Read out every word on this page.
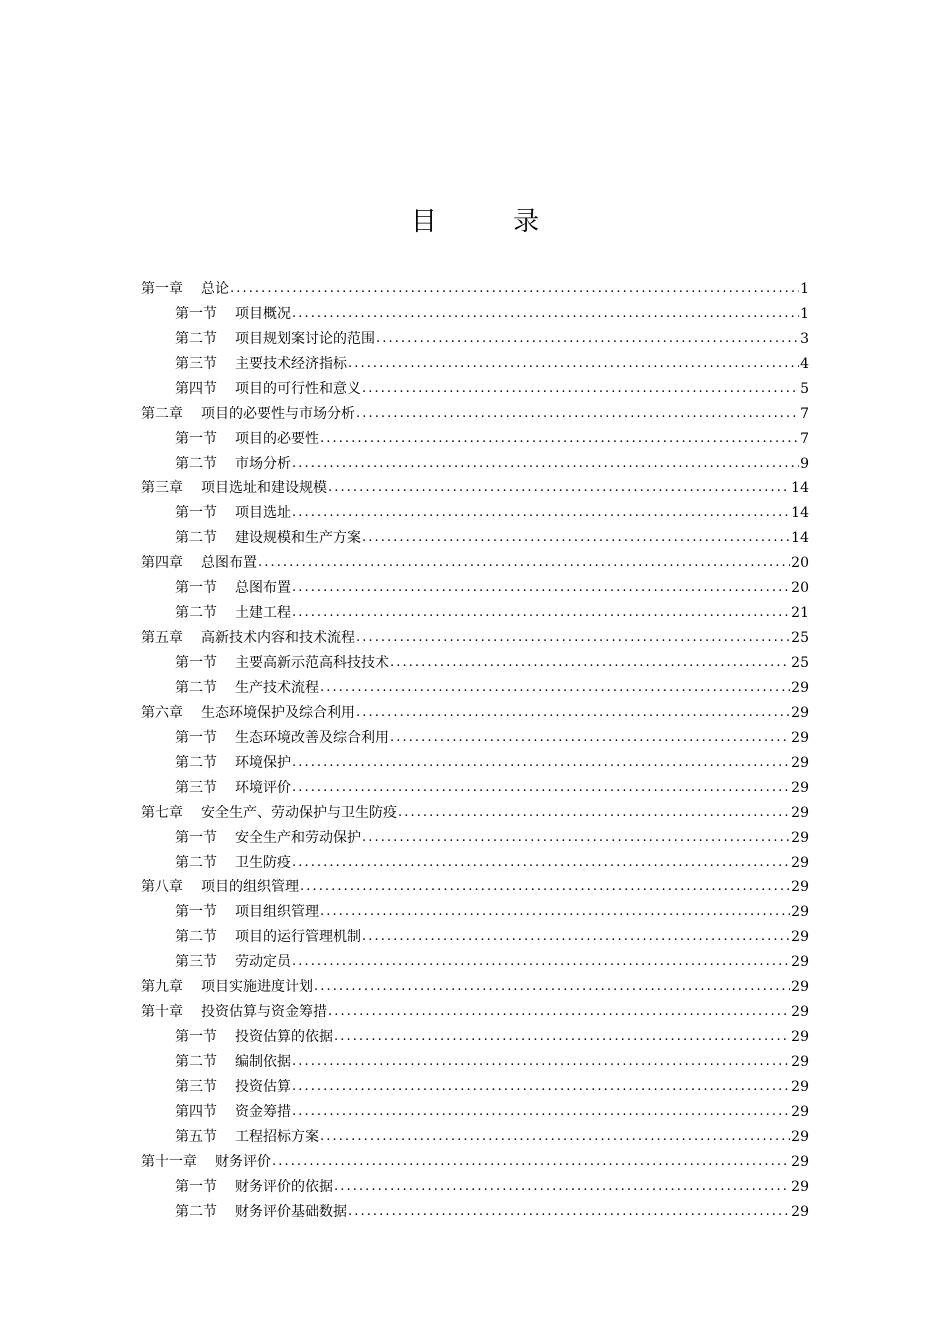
目 录
第一章 总论 .....	1
第一节 项目概况 .....	1
第二节 项目规划案讨论的范围 .....	3
第三节 主要技术经济指标 .....	4
第四节 项目的可行性和意义 .....	5
第二章 项目的必要性与市场分析 .....	7
第一节 项目的必要性 .....	7
第二节 市场分析 .....	9
第三章 项目选址和建设规模 .....	14
第一节 项目选址 .....	14
第二节 建设规模和生产方案 .....	14
第四章 总图布置 .....	20
第一节 总图布置 .....	20
第二节 土建工程 .....	21
第五章 高新技术内容和技术流程 .....	25
第一节 主要高新示范高科技技术 .....	25
第二节 生产技术流程 .....	29
第六章 生态环境保护及综合利用 .....	29
第一节 生态环境改善及综合利用 .....	29
第二节 环境保护 .....	29
第三节 环境评价 .....	29
第七章 安全生产、劳动保护与卫生防疫 .....	29
第一节 安全生产和劳动保护 .....	29
第二节 卫生防疫 .....	29
第八章 项目的组织管理 .....	29
第一节 项目组织管理 .....	29
第二节 项目的运行管理机制 .....	29
第三节 劳动定员 .....	29
第九章 项目实施进度计划 .....	29
第十章 投资估算与资金筹措 .....	29
第一节 投资估算的依据 .....	29
第二节 编制依据 .....	29
第三节 投资估算 .....	29
第四节 资金筹措 .....	29
第五节 工程招标方案 .....	29
第十一章 财务评价 .....	29
第一节 财务评价的依据 .....	29
第二节 财务评价基础数据 .....	29
